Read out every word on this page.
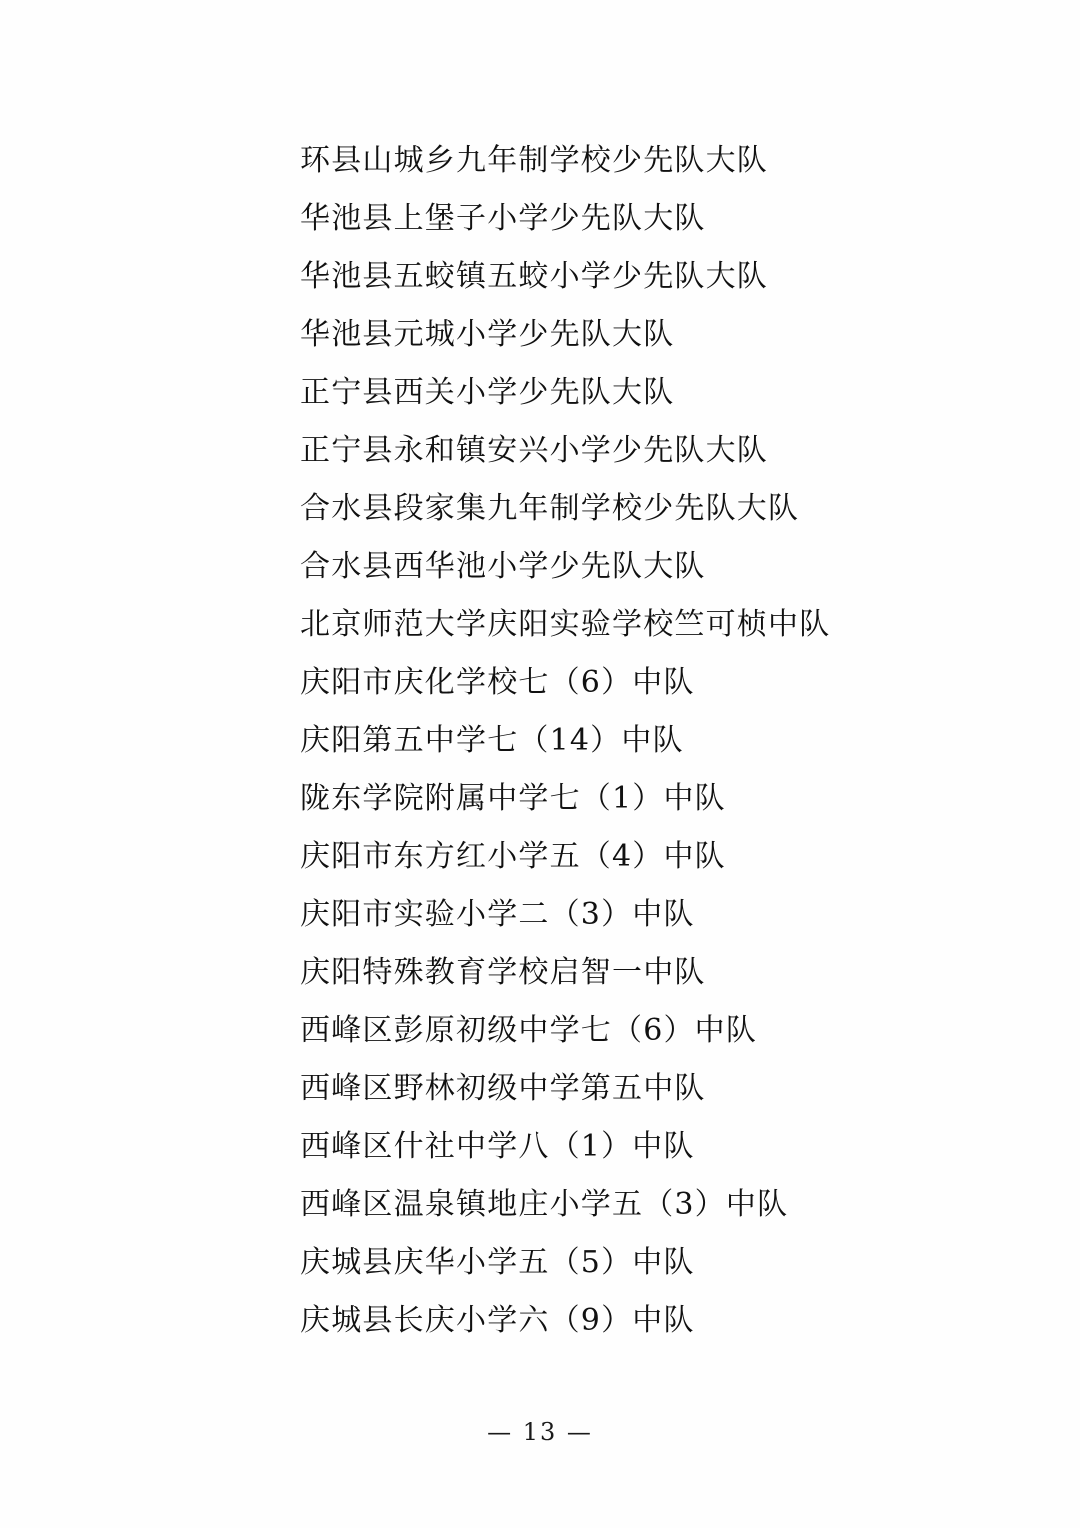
环县山城乡九年制学校少先队大队
华池县上堡子小学少先队大队
华池县五蛟镇五蛟小学少先队大队
华池县元城小学少先队大队
正宁县西关小学少先队大队
正宁县永和镇安兴小学少先队大队
合水县段家集九年制学校少先队大队
合水县西华池小学少先队大队
北京师范大学庆阳实验学校竺可桢中队
庆阳市庆化学校七（6）中队
庆阳第五中学七（14）中队
陇东学院附属中学七（1）中队
庆阳市东方红小学五（4）中队
庆阳市实验小学二（3）中队
庆阳特殊教育学校启智一中队
西峰区彭原初级中学七（6）中队
西峰区野林初级中学第五中队
西峰区什社中学八（1）中队
西峰区温泉镇地庄小学五（3）中队
庆城县庆华小学五（5）中队
庆城县长庆小学六（9）中队
— 13 —
